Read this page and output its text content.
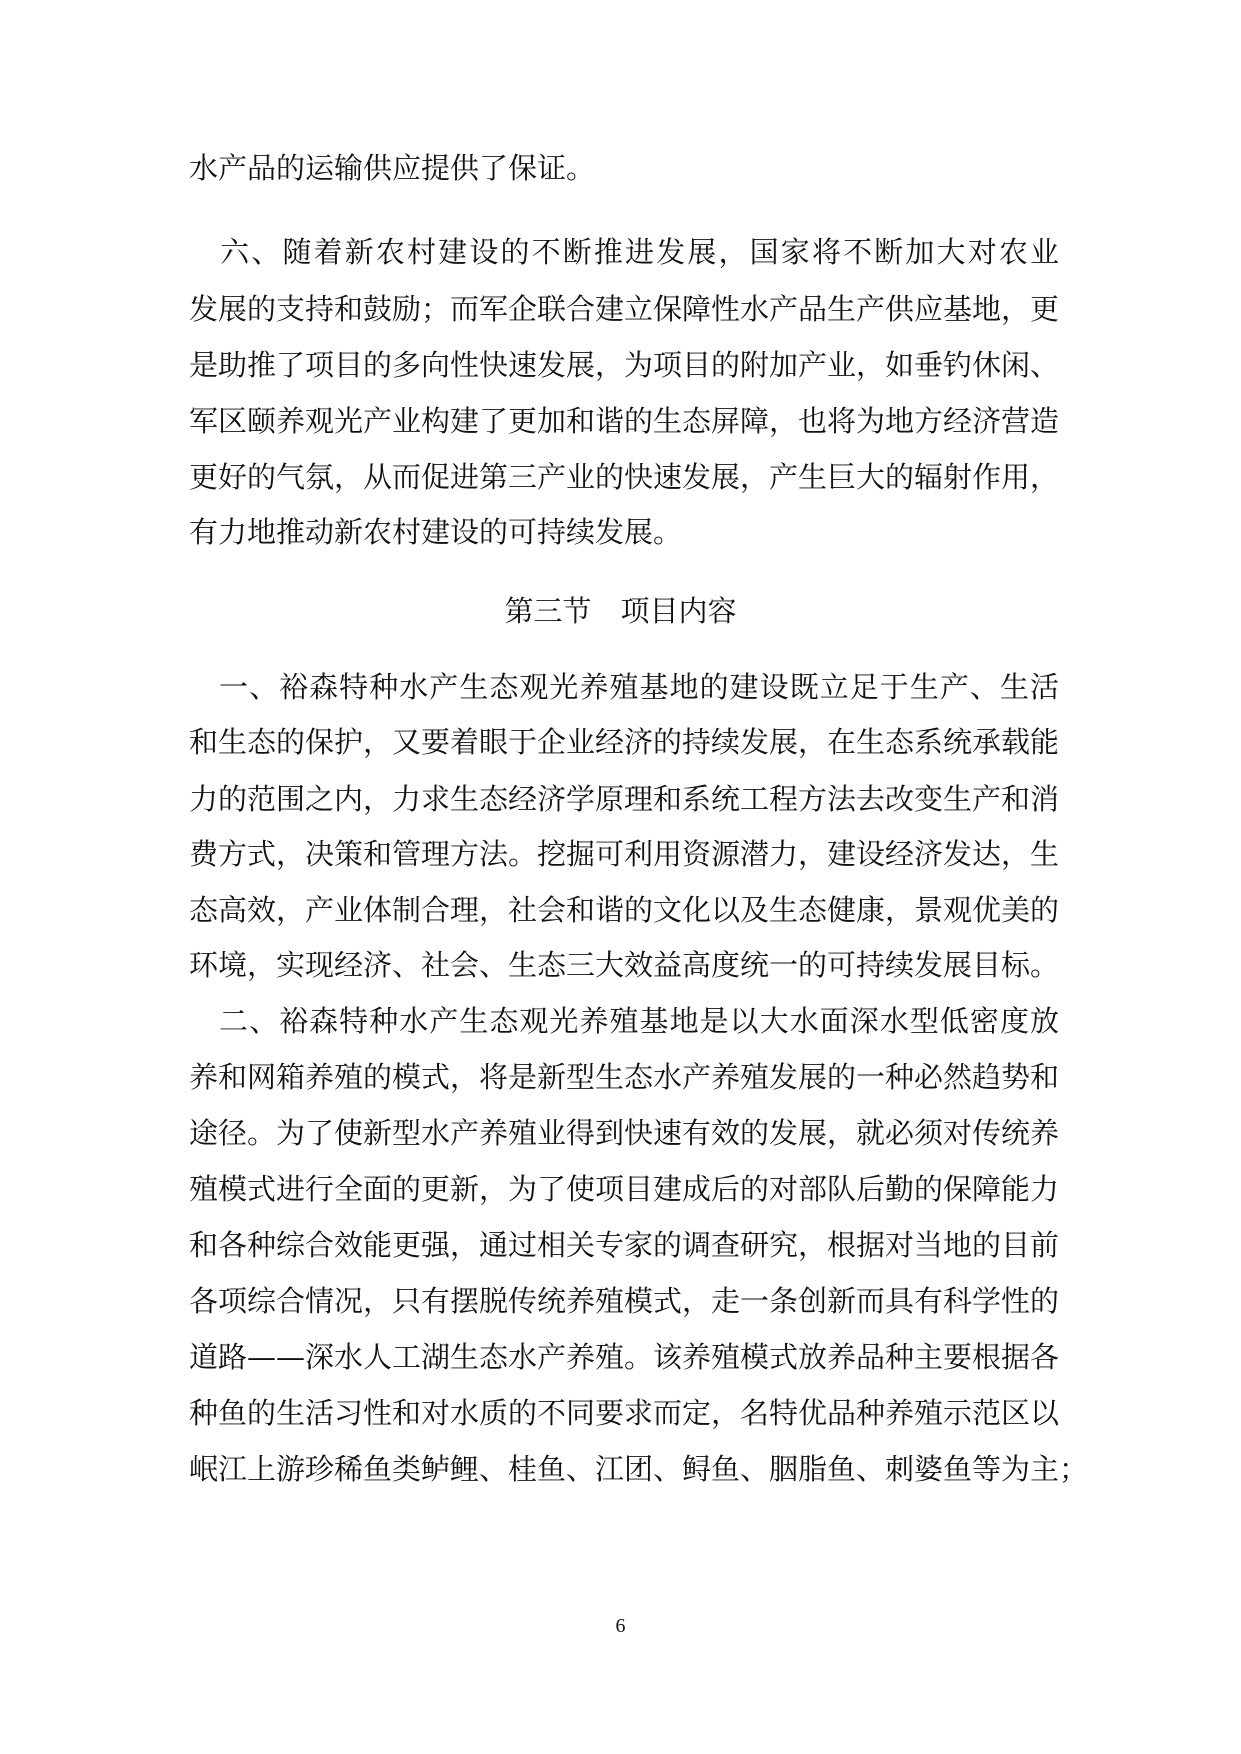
水产品的运输供应提供了保证。
　六、随着新农村建设的不断推进发展，国家将不断加大对农业
发展的支持和鼓励；而军企联合建立保障性水产品生产供应基地，更
是助推了项目的多向性快速发展，为项目的附加产业，如垂钓休闲、
军区颐养观光产业构建了更加和谐的生态屏障，也将为地方经济营造
更好的气氛，从而促进第三产业的快速发展，产生巨大的辐射作用，
有力地推动新农村建设的可持续发展。
第三节　项目内容
　一、裕森特种水产生态观光养殖基地的建设既立足于生产、生活
和生态的保护，又要着眼于企业经济的持续发展，在生态系统承载能
力的范围之内，力求生态经济学原理和系统工程方法去改变生产和消
费方式，决策和管理方法。挖掘可利用资源潜力，建设经济发达，生
态高效，产业体制合理，社会和谐的文化以及生态健康，景观优美的
环境，实现经济、社会、生态三大效益高度统一的可持续发展目标。
　二、裕森特种水产生态观光养殖基地是以大水面深水型低密度放
养和网箱养殖的模式，将是新型生态水产养殖发展的一种必然趋势和
途径。为了使新型水产养殖业得到快速有效的发展，就必须对传统养
殖模式进行全面的更新，为了使项目建成后的对部队后勤的保障能力
和各种综合效能更强，通过相关专家的调查研究，根据对当地的目前
各项综合情况，只有摆脱传统养殖模式，走一条创新而具有科学性的
道路——深水人工湖生态水产养殖。该养殖模式放养品种主要根据各
种鱼的生活习性和对水质的不同要求而定，名特优品种养殖示范区以
岷江上游珍稀鱼类鲈鲤、桂鱼、江团、鲟鱼、胭脂鱼、刺婆鱼等为主；
6
